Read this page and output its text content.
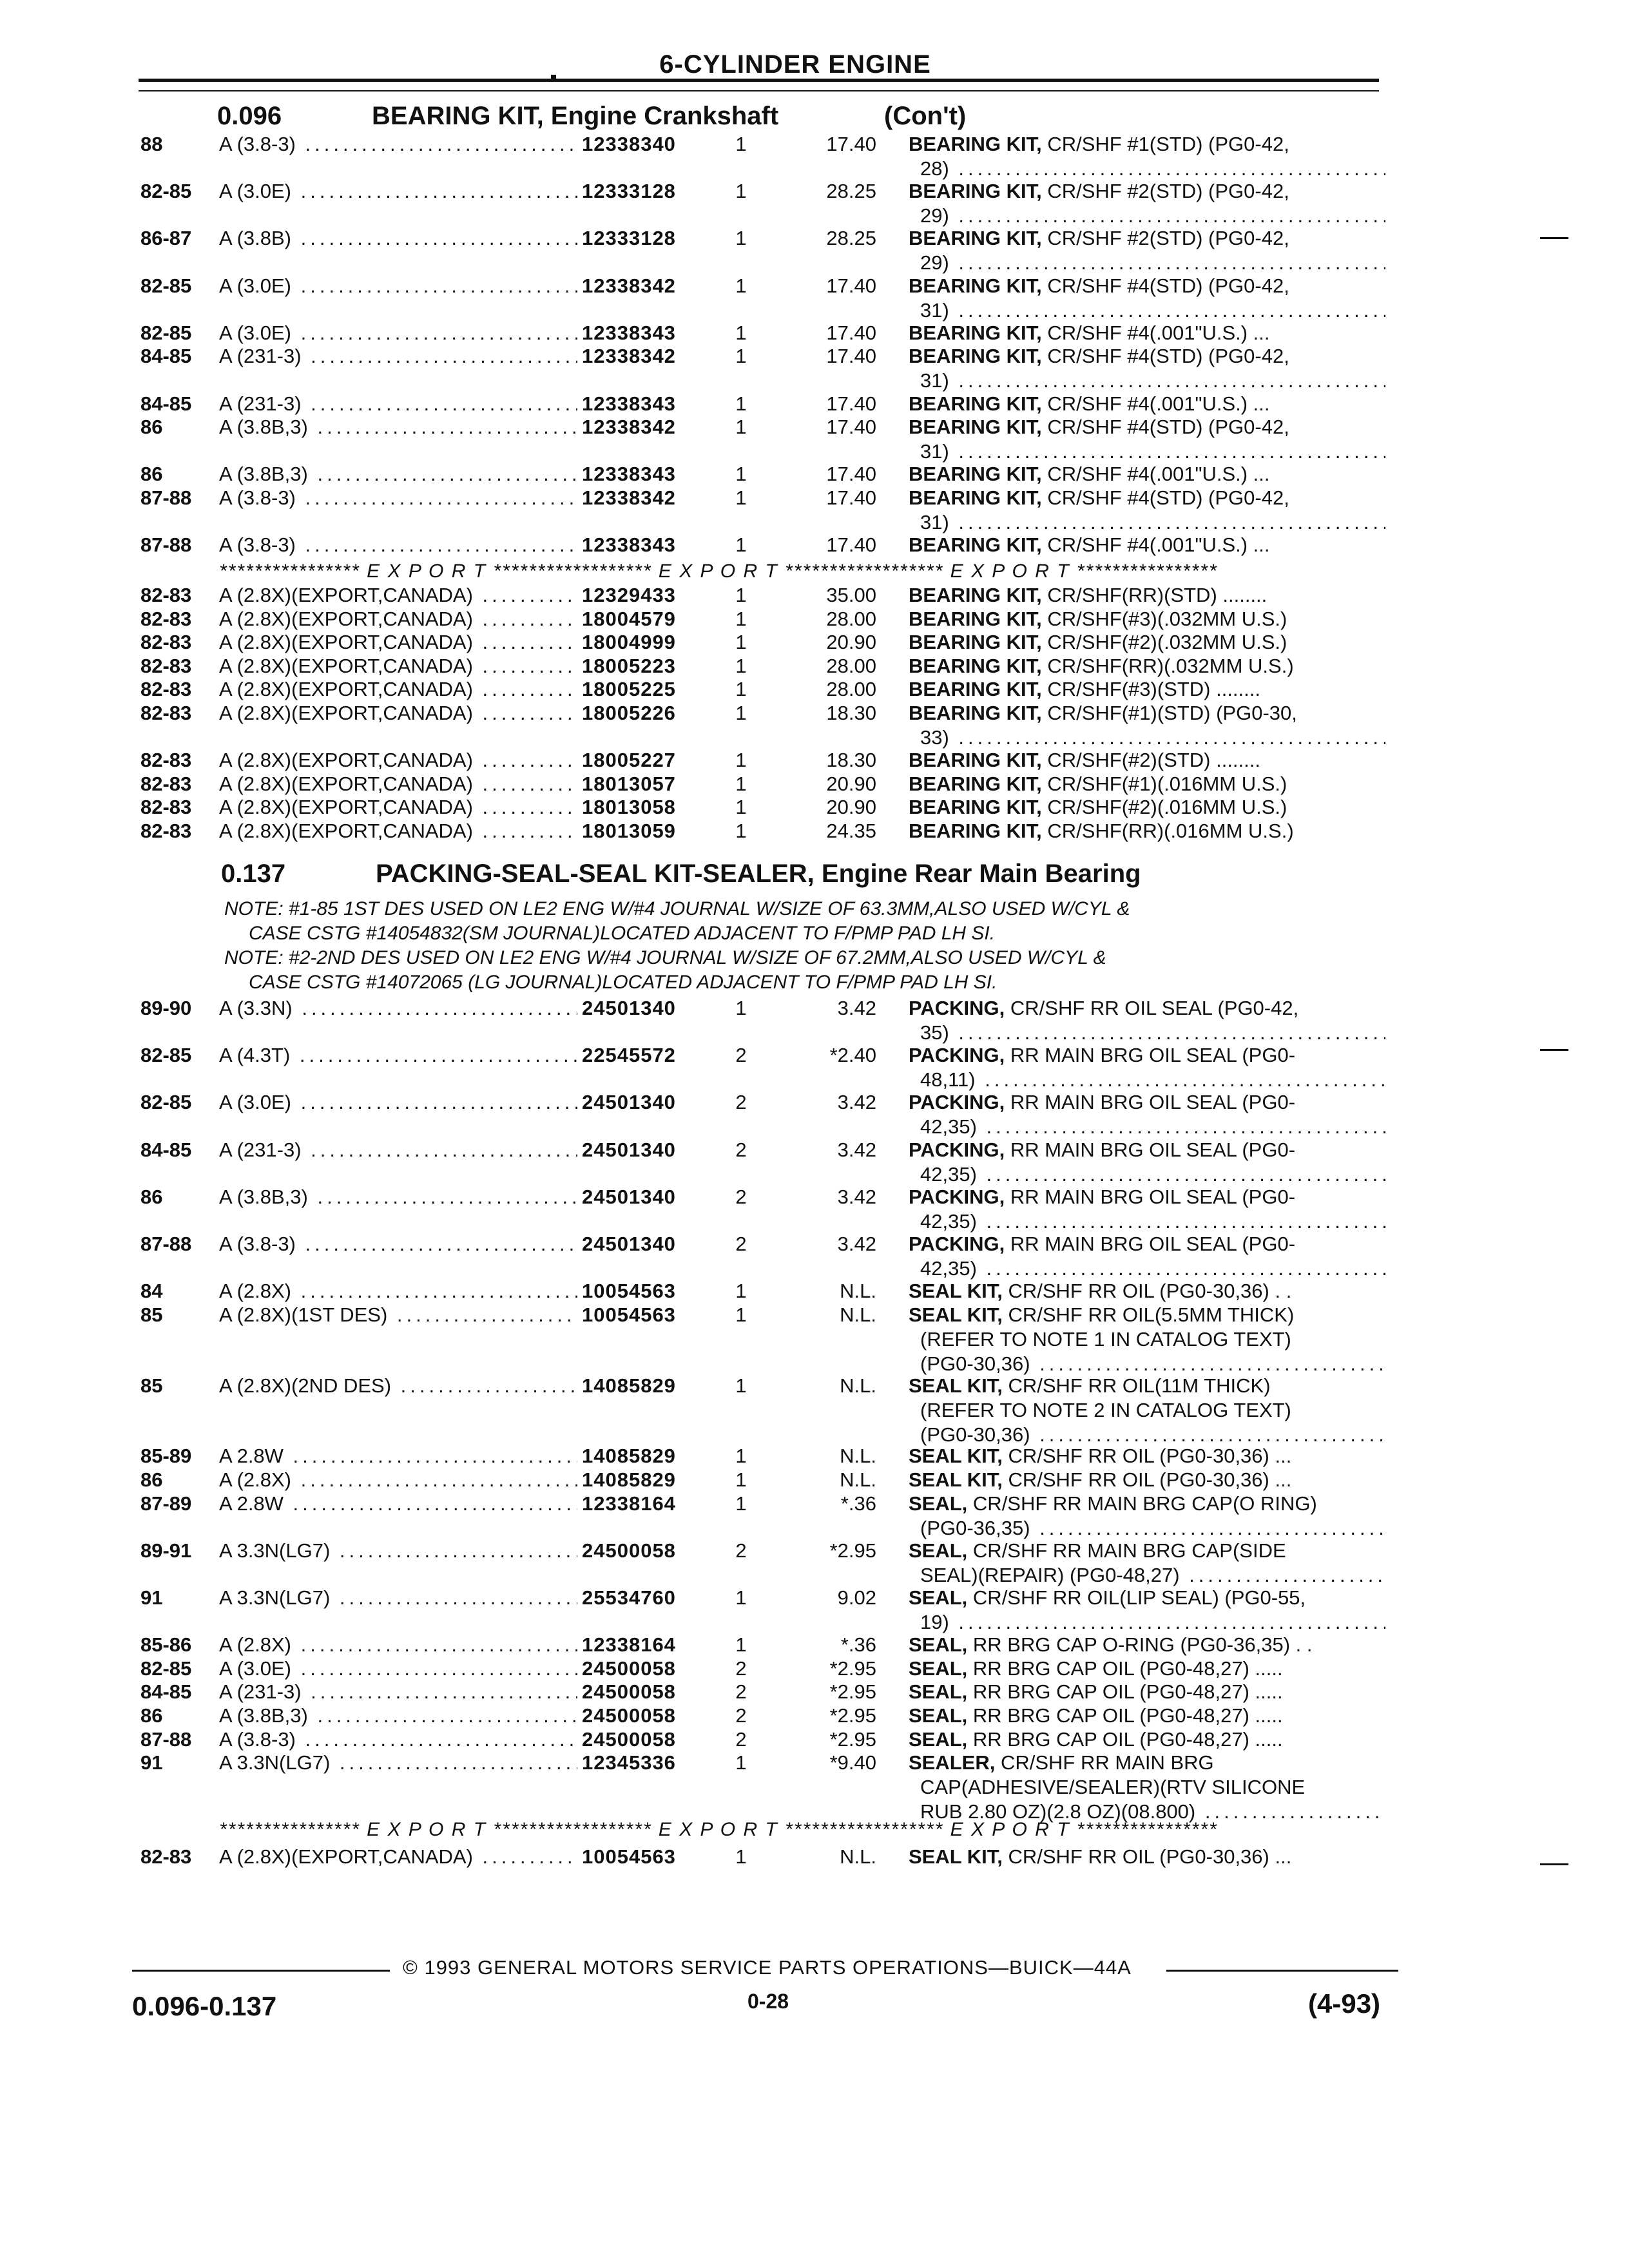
6-CYLINDER ENGINE
0.096	BEARING KIT, Engine Crankshaft	(Con't)
88	A (3.8-3) .....	12338340	1	17.40 BEARING KIT, CR/SHF #1(STD) (PG0-42,
28) .....
82-85 A (3.0E) .....	12333128	1	28.25 BEARING KIT, CR/SHF #2(STD) (PG0-42,
29) .....
86-87 A (3.8B) .....	12333128	1	28.25 BEARING KIT, CR/SHF #2(STD) (PG0-42,
29) .....
82-85 A (3.0E) .....	12338342	1	17.40 BEARING KIT, CR/SHF #4(STD) (PG0-42,
31) .....
82-85 A (3.0E) .....	12338343	1	17.40 BEARING KIT, CR/SHF #4(.001"U.S.) ...
84-85 A (231-3) .....	12338342	1	17.40 BEARING KIT, CR/SHF #4(STD) (PG0-42,
31) .....
84-85 A (231-3) .....	12338343	1	17.40 BEARING KIT, CR/SHF #4(.001"U.S.) ...
86	A (3.8B,3) .....	12338342	1	17.40 BEARING KIT, CR/SHF #4(STD) (PG0-42,
31) .....
86	A (3.8B,3) .....	12338343	1	17.40 BEARING KIT, CR/SHF #4(.001"U.S.) ...
87-88 A (3.8-3) .....	12338342	1	17.40 BEARING KIT, CR/SHF #4(STD) (PG0-42,
31) .....
87-88 A (3.8-3) .....	12338343	1	17.40 BEARING KIT, CR/SHF #4(.001"U.S.) ...
**************** E X P O R T ****************** E X P O R T ****************** E X P O R T ****************
82-83 A (2.8X)(EXPORT,CANADA) .....	12329433	1	35.00 BEARING KIT, CR/SHF(RR)(STD) ........
82-83 A (2.8X)(EXPORT,CANADA) .....	18004579	1	28.00 BEARING KIT, CR/SHF(#3)(.032MM U.S.)
82-83 A (2.8X)(EXPORT,CANADA) .....	18004999	1	20.90 BEARING KIT, CR/SHF(#2)(.032MM U.S.)
82-83 A (2.8X)(EXPORT,CANADA) .....	18005223	1	28.00 BEARING KIT, CR/SHF(RR)(.032MM U.S.)
82-83 A (2.8X)(EXPORT,CANADA) .....	18005225	1	28.00 BEARING KIT, CR/SHF(#3)(STD) ........
82-83 A (2.8X)(EXPORT,CANADA) .....	18005226	1	18.30 BEARING KIT, CR/SHF(#1)(STD) (PG0-30,
33) .....
82-83 A (2.8X)(EXPORT,CANADA) .....	18005227	1	18.30 BEARING KIT, CR/SHF(#2)(STD) ........
82-83 A (2.8X)(EXPORT,CANADA) .....	18013057	1	20.90 BEARING KIT, CR/SHF(#1)(.016MM U.S.)
82-83 A (2.8X)(EXPORT,CANADA) .....	18013058	1	20.90 BEARING KIT, CR/SHF(#2)(.016MM U.S.)
82-83 A (2.8X)(EXPORT,CANADA) .....	18013059	1	24.35 BEARING KIT, CR/SHF(RR)(.016MM U.S.)
0.137	PACKING-SEAL-SEAL KIT-SEALER, Engine Rear Main Bearing
NOTE: #1-85 1ST DES USED ON LE2 ENG W/#4 JOURNAL W/SIZE OF 63.3MM,ALSO USED W/CYL &
CASE CSTG #14054832(SM JOURNAL)LOCATED ADJACENT TO F/PMP PAD LH SI.
NOTE: #2-2ND DES USED ON LE2 ENG W/#4 JOURNAL W/SIZE OF 67.2MM,ALSO USED W/CYL &
CASE CSTG #14072065 (LG JOURNAL)LOCATED ADJACENT TO F/PMP PAD LH SI.
89-90 A (3.3N) .....	24501340	1	3.42 PACKING, CR/SHF RR OIL SEAL (PG0-42,
35) .....
82-85 A (4.3T) .....	22545572	2	*2.40 PACKING, RR MAIN BRG OIL SEAL (PG0-
48,11) .....
82-85 A (3.0E) .....	24501340	2	3.42 PACKING, RR MAIN BRG OIL SEAL (PG0-
42,35) .....
84-85 A (231-3) .....	24501340	2	3.42 PACKING, RR MAIN BRG OIL SEAL (PG0-
42,35) .....
86	A (3.8B,3) .....	24501340	2	3.42 PACKING, RR MAIN BRG OIL SEAL (PG0-
42,35) .....
87-88 A (3.8-3) .....	24501340	2	3.42 PACKING, RR MAIN BRG OIL SEAL (PG0-
42,35) .....
84	A (2.8X) .....	10054563	1	N.L. SEAL KIT, CR/SHF RR OIL (PG0-30,36) . .
85	A (2.8X)(1ST DES) .....	10054563	1	N.L. SEAL KIT, CR/SHF RR OIL(5.5MM THICK)
(REFER TO NOTE 1 IN CATALOG TEXT)
(PG0-30,36) .....
85	A (2.8X)(2ND DES) .....	14085829	1	N.L. SEAL KIT, CR/SHF RR OIL(11M THICK)
(REFER TO NOTE 2 IN CATALOG TEXT)
(PG0-30,36) .....
85-89 A 2.8W .....	14085829	1	N.L. SEAL KIT, CR/SHF RR OIL (PG0-30,36) ...
86	A (2.8X) .....	14085829	1	N.L. SEAL KIT, CR/SHF RR OIL (PG0-30,36) ...
87-89 A 2.8W .....	12338164	1	*.36 SEAL, CR/SHF RR MAIN BRG CAP(O RING)
(PG0-36,35) .....
89-91 A 3.3N(LG7) .....	24500058	2	*2.95 SEAL, CR/SHF RR MAIN BRG CAP(SIDE
SEAL)(REPAIR) (PG0-48,27) .....
91	A 3.3N(LG7) .....	25534760	1	9.02 SEAL, CR/SHF RR OIL(LIP SEAL) (PG0-55,
19) .....
85-86 A (2.8X) .....	12338164	1	*.36 SEAL, RR BRG CAP O-RING (PG0-36,35) . .
82-85 A (3.0E) .....	24500058	2	*2.95 SEAL, RR BRG CAP OIL (PG0-48,27) .....
84-85 A (231-3) .....	24500058	2	*2.95 SEAL, RR BRG CAP OIL (PG0-48,27) .....
86	A (3.8B,3) .....	24500058	2	*2.95 SEAL, RR BRG CAP OIL (PG0-48,27) .....
87-88 A (3.8-3) .....	24500058	2	*2.95 SEAL, RR BRG CAP OIL (PG0-48,27) .....
91	A 3.3N(LG7) .....	12345336	1	*9.40 SEALER, CR/SHF RR MAIN BRG
CAP(ADHESIVE/SEALER)(RTV SILICONE
RUB 2.80 OZ)(2.8 OZ)(08.800) .....
**************** E X P O R T ****************** E X P O R T ****************** E X P O R T ****************
82-83 A (2.8X)(EXPORT,CANADA) .....	10054563	1	N.L. SEAL KIT, CR/SHF RR OIL (PG0-30,36) ...
© 1993 GENERAL MOTORS SERVICE PARTS OPERATIONS—BUICK—44A
0.096-0.137	0-28	(4-93)
